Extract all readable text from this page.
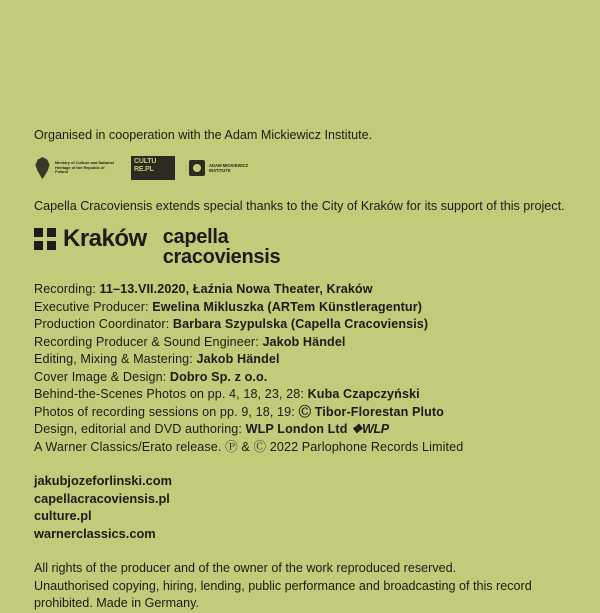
Organised in cooperation with the Adam Mickiewicz Institute.
Ministry of Culture and National Heritage of the Republic of Poland
CULTU RE.PL
ADAM MICKIEWICZ INSTITUTE
Capella Cracoviensis extends special thanks to the City of Kraków for its support of this project.
Kraków capella
cracoviensis
Recording: 11–13.VII.2020, Łaźnia Nowa Theater, Kraków
Executive Producer: Ewelina Mikluszka (ARTem Künstleragentur)
Production Coordinator: Barbara Szypulska (Capella Cracoviensis)
Recording Producer & Sound Engineer: Jakob Händel
Editing, Mixing & Mastering: Jakob Händel
Cover Image & Design: Dobro Sp. z o.o.
Behind-the-Scenes Photos on pp. 4, 18, 23, 28: Kuba Czapczyński
Photos of recording sessions on pp. 9, 18, 19: Ⓒ Tibor-Florestan Pluto
Design, editorial and DVD authoring: WLP London Ltd ❖WLP
A Warner Classics/Erato release. Ⓟ & Ⓒ 2022 Parlophone Records Limited
jakubjozeforlinski.com
capellacracoviensis.pl
culture.pl
warnerclassics.com
All rights of the producer and of the owner of the work reproduced reserved.
Unauthorised copying, hiring, lending, public performance and broadcasting of this record
prohibited. Made in Germany.
